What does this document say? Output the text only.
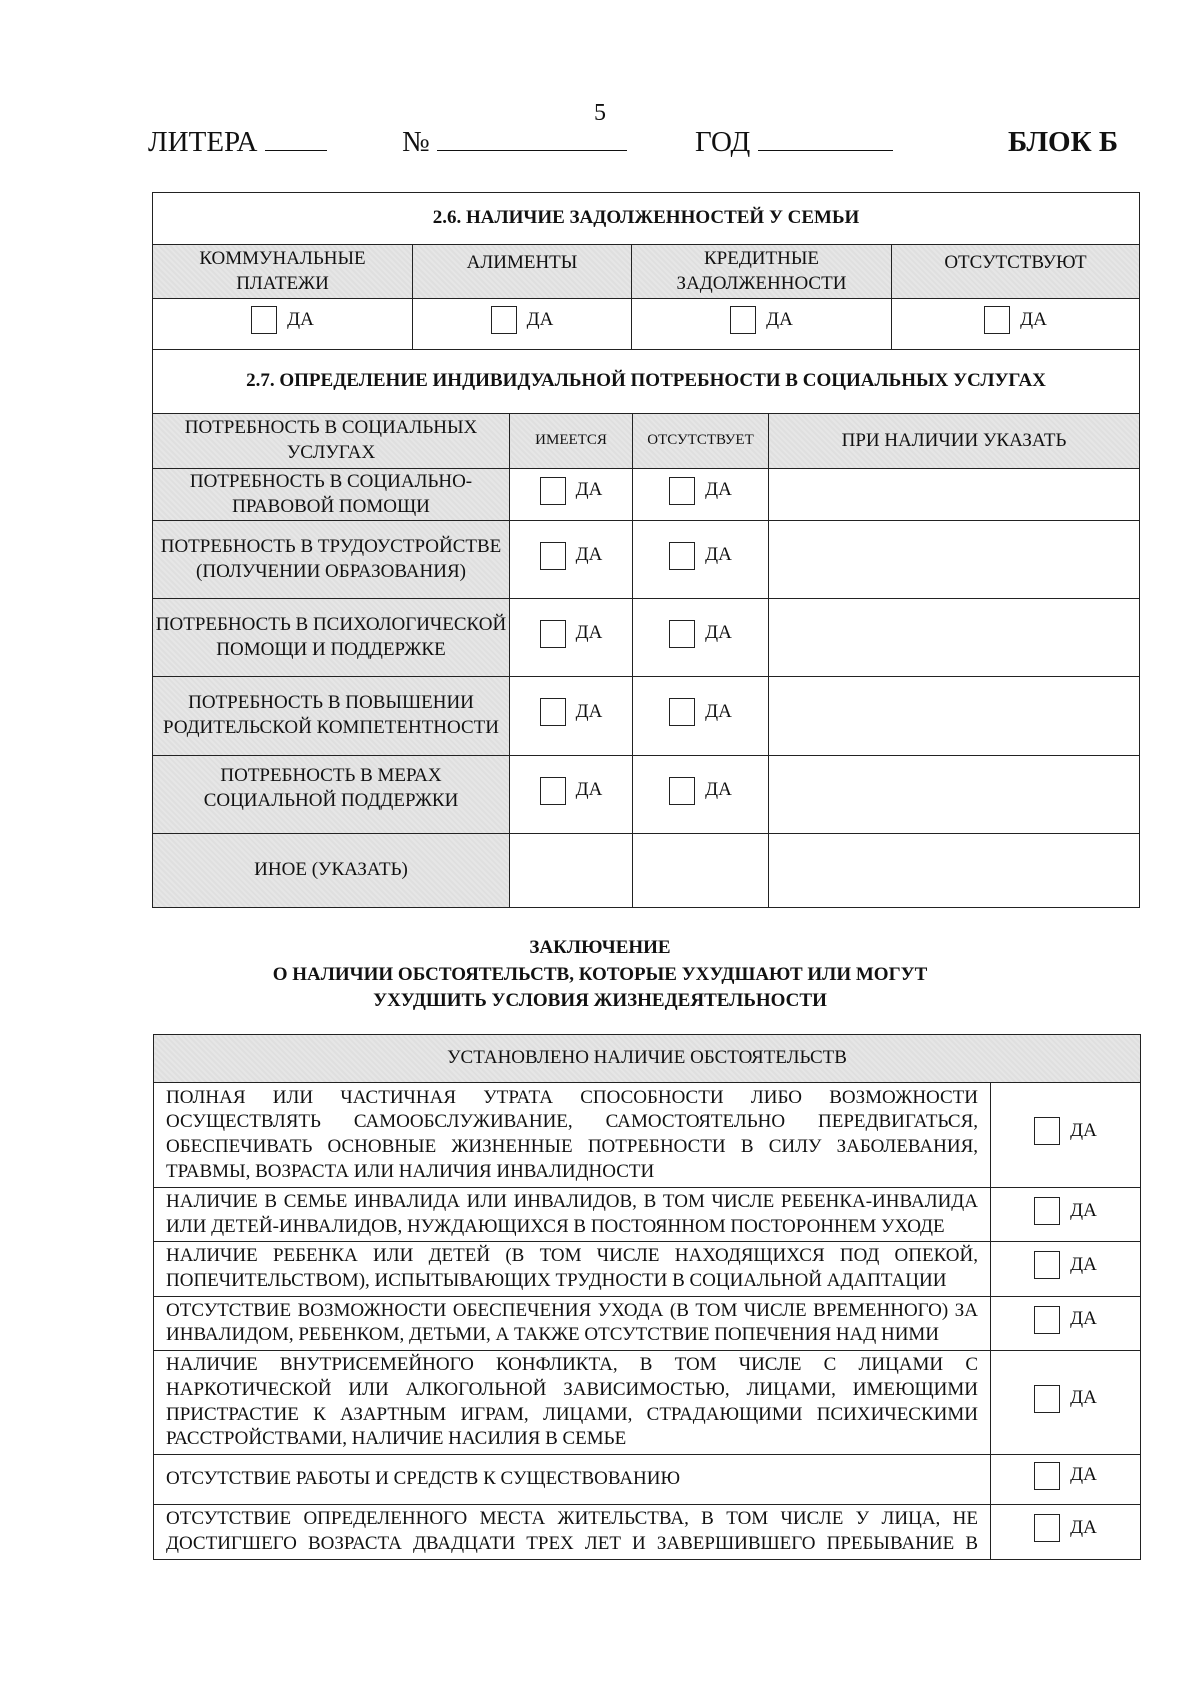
5
ЛИТЕРА	№	ГОД	БЛОК Б
2.6. НАЛИЧИЕ ЗАДОЛЖЕННОСТЕЙ У СЕМЬИ			
КОММУНАЛЬНЫЕ ПЛАТЕЖИ	АЛИМЕНТЫ	КРЕДИТНЫЕ ЗАДОЛЖЕННОСТИ	ОТСУТСТВУЮТ

ДА	ДА	ДА	ДА
2.7. ОПРЕДЕЛЕНИЕ ИНДИВИДУАЛЬНОЙ ПОТРЕБНОСТИ В СОЦИАЛЬНЫХ УСЛУГАХ			
ПОТРЕБНОСТЬ В СОЦИАЛЬНЫХ УСЛУГАХ	ИМЕЕТСЯ	ОТСУТСТВУЕТ	ПРИ НАЛИЧИИ УКАЗАТЬ
ПОТРЕБНОСТЬ В СОЦИАЛЬНО-ПРАВОВОЙ ПОМОЩИ	ДА	ДА	

ПОТРЕБНОСТЬ В ТРУДОУСТРОЙСТВЕ (ПОЛУЧЕНИИ ОБРАЗОВАНИЯ)	ДА	ДА	

ПОТРЕБНОСТЬ В ПСИХОЛОГИЧЕСКОЙ ПОМОЩИ И ПОДДЕРЖКЕ	ДА	ДА	

ПОТРЕБНОСТЬ В ПОВЫШЕНИИ РОДИТЕЛЬСКОЙ КОМПЕТЕНТНОСТИ	ДА	ДА	

ПОТРЕБНОСТЬ В МЕРАХ СОЦИАЛЬНОЙ ПОДДЕРЖКИ	ДА	ДА	

ИНОЕ (УКАЗАТЬ)			
ЗАКЛЮЧЕНИЕ
О НАЛИЧИИ ОБСТОЯТЕЛЬСТВ, КОТОРЫЕ УХУДШАЮТ ИЛИ МОГУТ
УХУДШИТЬ УСЛОВИЯ ЖИЗНЕДЕЯТЕЛЬНОСТИ
УСТАНОВЛЕНО НАЛИЧИЕ ОБСТОЯТЕЛЬСТВ	
ПОЛНАЯ ИЛИ ЧАСТИЧНАЯ УТРАТА СПОСОБНОСТИ ЛИБО ВОЗМОЖНОСТИ ОСУЩЕСТВЛЯТЬ САМООБСЛУЖИВАНИЕ, САМОСТОЯТЕЛЬНО ПЕРЕДВИГАТЬСЯ, ОБЕСПЕЧИВАТЬ ОСНОВНЫЕ ЖИЗНЕННЫЕ ПОТРЕБНОСТИ В СИЛУ ЗАБОЛЕВАНИЯ, ТРАВМЫ, ВОЗРАСТА ИЛИ НАЛИЧИЯ ИНВАЛИДНОСТИ	ДА

НАЛИЧИЕ В СЕМЬЕ ИНВАЛИДА ИЛИ ИНВАЛИДОВ, В ТОМ ЧИСЛЕ РЕБЕНКА-ИНВАЛИДА ИЛИ ДЕТЕЙ-ИНВАЛИДОВ, НУЖДАЮЩИХСЯ В ПОСТОЯННОМ ПОСТОРОННЕМ УХОДЕ	ДА

НАЛИЧИЕ РЕБЕНКА ИЛИ ДЕТЕЙ (В ТОМ ЧИСЛЕ НАХОДЯЩИХСЯ ПОД ОПЕКОЙ, ПОПЕЧИТЕЛЬСТВОМ), ИСПЫТЫВАЮЩИХ ТРУДНОСТИ В СОЦИАЛЬНОЙ АДАПТАЦИИ	ДА

ОТСУТСТВИЕ ВОЗМОЖНОСТИ ОБЕСПЕЧЕНИЯ УХОДА (В ТОМ ЧИСЛЕ ВРЕМЕННОГО) ЗА ИНВАЛИДОМ, РЕБЕНКОМ, ДЕТЬМИ, А ТАКЖЕ ОТСУТСТВИЕ ПОПЕЧЕНИЯ НАД НИМИ	ДА

НАЛИЧИЕ ВНУТРИСЕМЕЙНОГО КОНФЛИКТА, В ТОМ ЧИСЛЕ С ЛИЦАМИ С НАРКОТИЧЕСКОЙ ИЛИ АЛКОГОЛЬНОЙ ЗАВИСИМОСТЬЮ, ЛИЦАМИ, ИМЕЮЩИМИ ПРИСТРАСТИЕ К АЗАРТНЫМ ИГРАМ, ЛИЦАМИ, СТРАДАЮЩИМИ ПСИХИЧЕСКИМИ РАССТРОЙСТВАМИ, НАЛИЧИЕ НАСИЛИЯ В СЕМЬЕ	ДА

ОТСУТСТВИЕ РАБОТЫ И СРЕДСТВ К СУЩЕСТВОВАНИЮ	ДА

ОТСУТСТВИЕ ОПРЕДЕЛЕННОГО МЕСТА ЖИТЕЛЬСТВА, В ТОМ ЧИСЛЕ У ЛИЦА, НЕ ДОСТИГШЕГО ВОЗРАСТА ДВАДЦАТИ ТРЕХ ЛЕТ И ЗАВЕРШИВШЕГО ПРЕБЫВАНИЕ В	ДА
